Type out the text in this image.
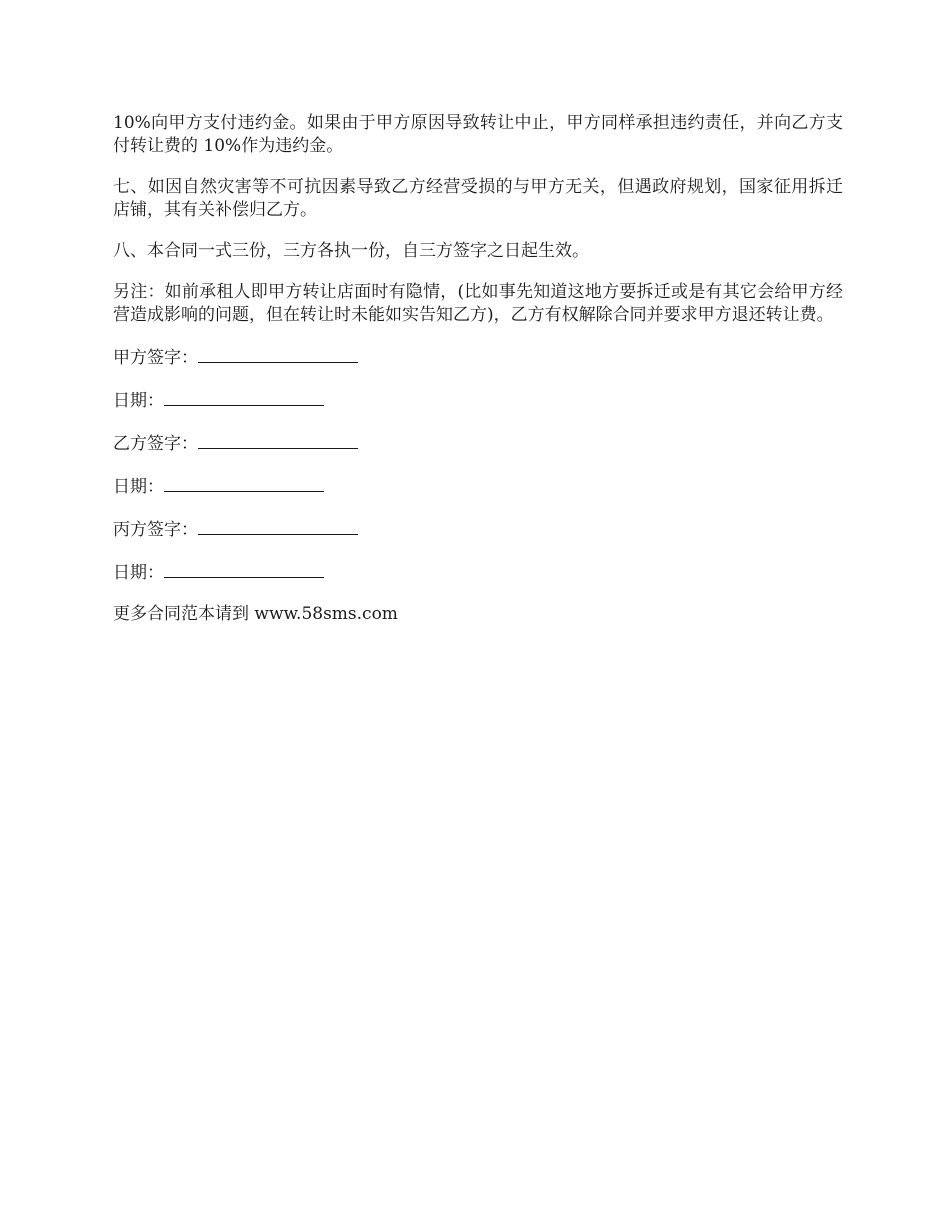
10%向甲方支付违约金。如果由于甲方原因导致转让中止，甲方同样承担违约责任，并向乙方支付转让费的 10%作为违约金。

七、如因自然灾害等不可抗因素导致乙方经营受损的与甲方无关，但遇政府规划，国家征用拆迁店铺，其有关补偿归乙方。

八、本合同一式三份，三方各执一份，自三方签字之日起生效。

另注：如前承租人即甲方转让店面时有隐情，(比如事先知道这地方要拆迁或是有其它会给甲方经营造成影响的问题，但在转让时未能如实告知乙方)，乙方有权解除合同并要求甲方退还转让费。

甲方签字：
日期：
乙方签字：
日期：
丙方签字：
日期：

更多合同范本请到 www.58sms.com
